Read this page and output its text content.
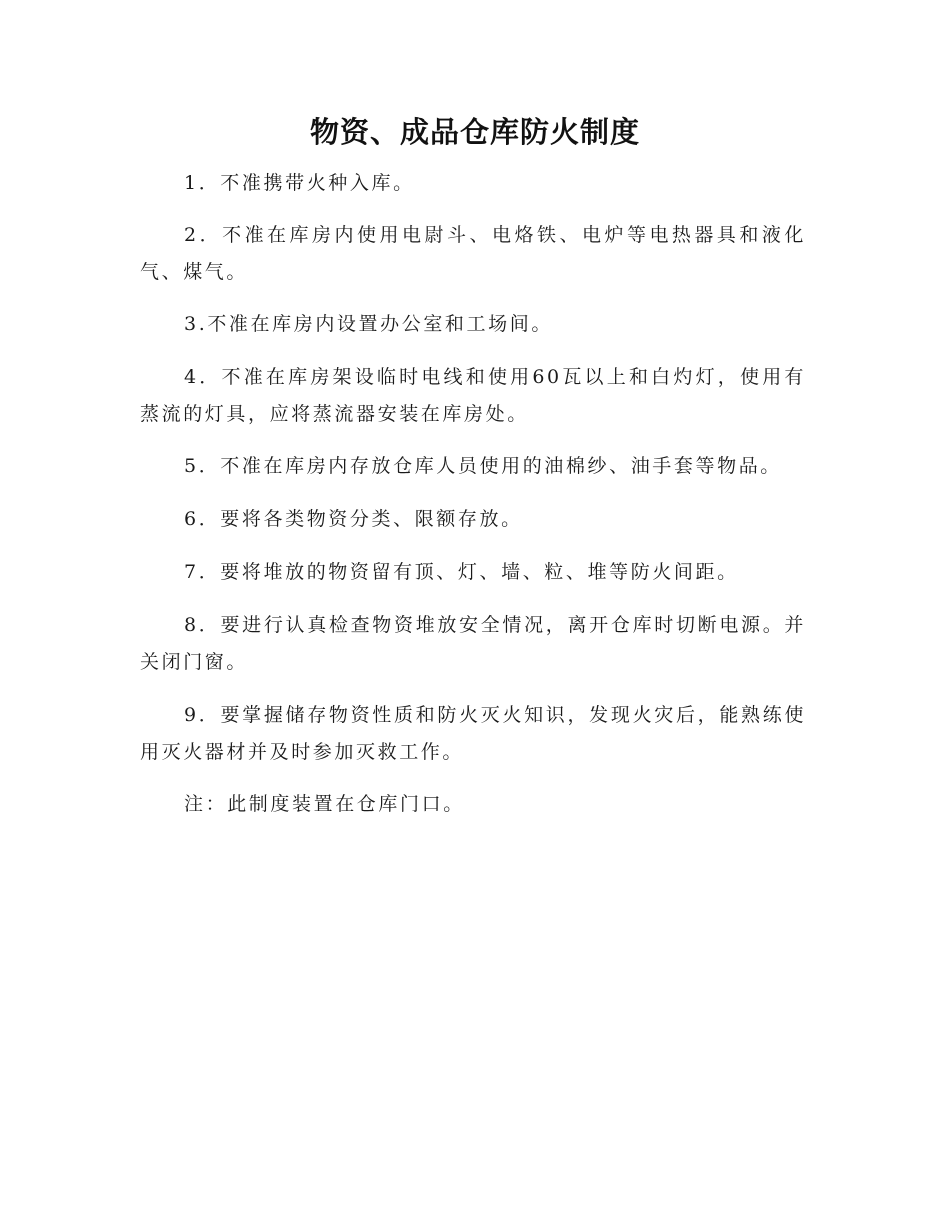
物资、成品仓库防火制度
1．不准携带火种入库。
2．不准在库房内使用电尉斗、电烙铁、电炉等电热器具和液化气、煤气。
3.不准在库房内设置办公室和工场间。
4．不准在库房架设临时电线和使用60瓦以上和白灼灯，使用有蒸流的灯具，应将蒸流器安装在库房处。
5．不准在库房内存放仓库人员使用的油棉纱、油手套等物品。
6．要将各类物资分类、限额存放。
7．要将堆放的物资留有顶、灯、墙、粒、堆等防火间距。
8．要进行认真检查物资堆放安全情况，离开仓库时切断电源。并关闭门窗。
9．要掌握储存物资性质和防火灭火知识，发现火灾后，能熟练使用灭火器材并及时参加灭救工作。
注：此制度装置在仓库门口。
